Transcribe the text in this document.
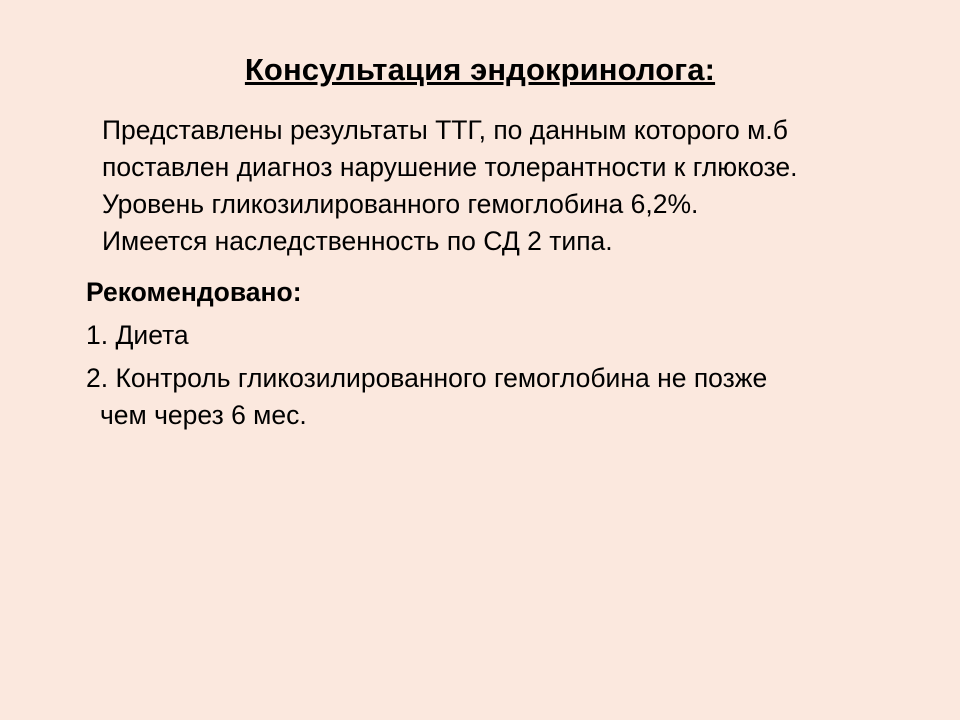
Консультация эндокринолога:

Представлены результаты ТТГ, по данным которого м.б

поставлен диагноз нарушение толерантности к глюкозе.

Уровень гликозилированного гемоглобина 6,2%.

Имеется наследственность по СД 2 типа.

Рекомендовано:

1. Диета

2. Контроль гликозилированного гемоглобина не позже

чем через 6 мес.
